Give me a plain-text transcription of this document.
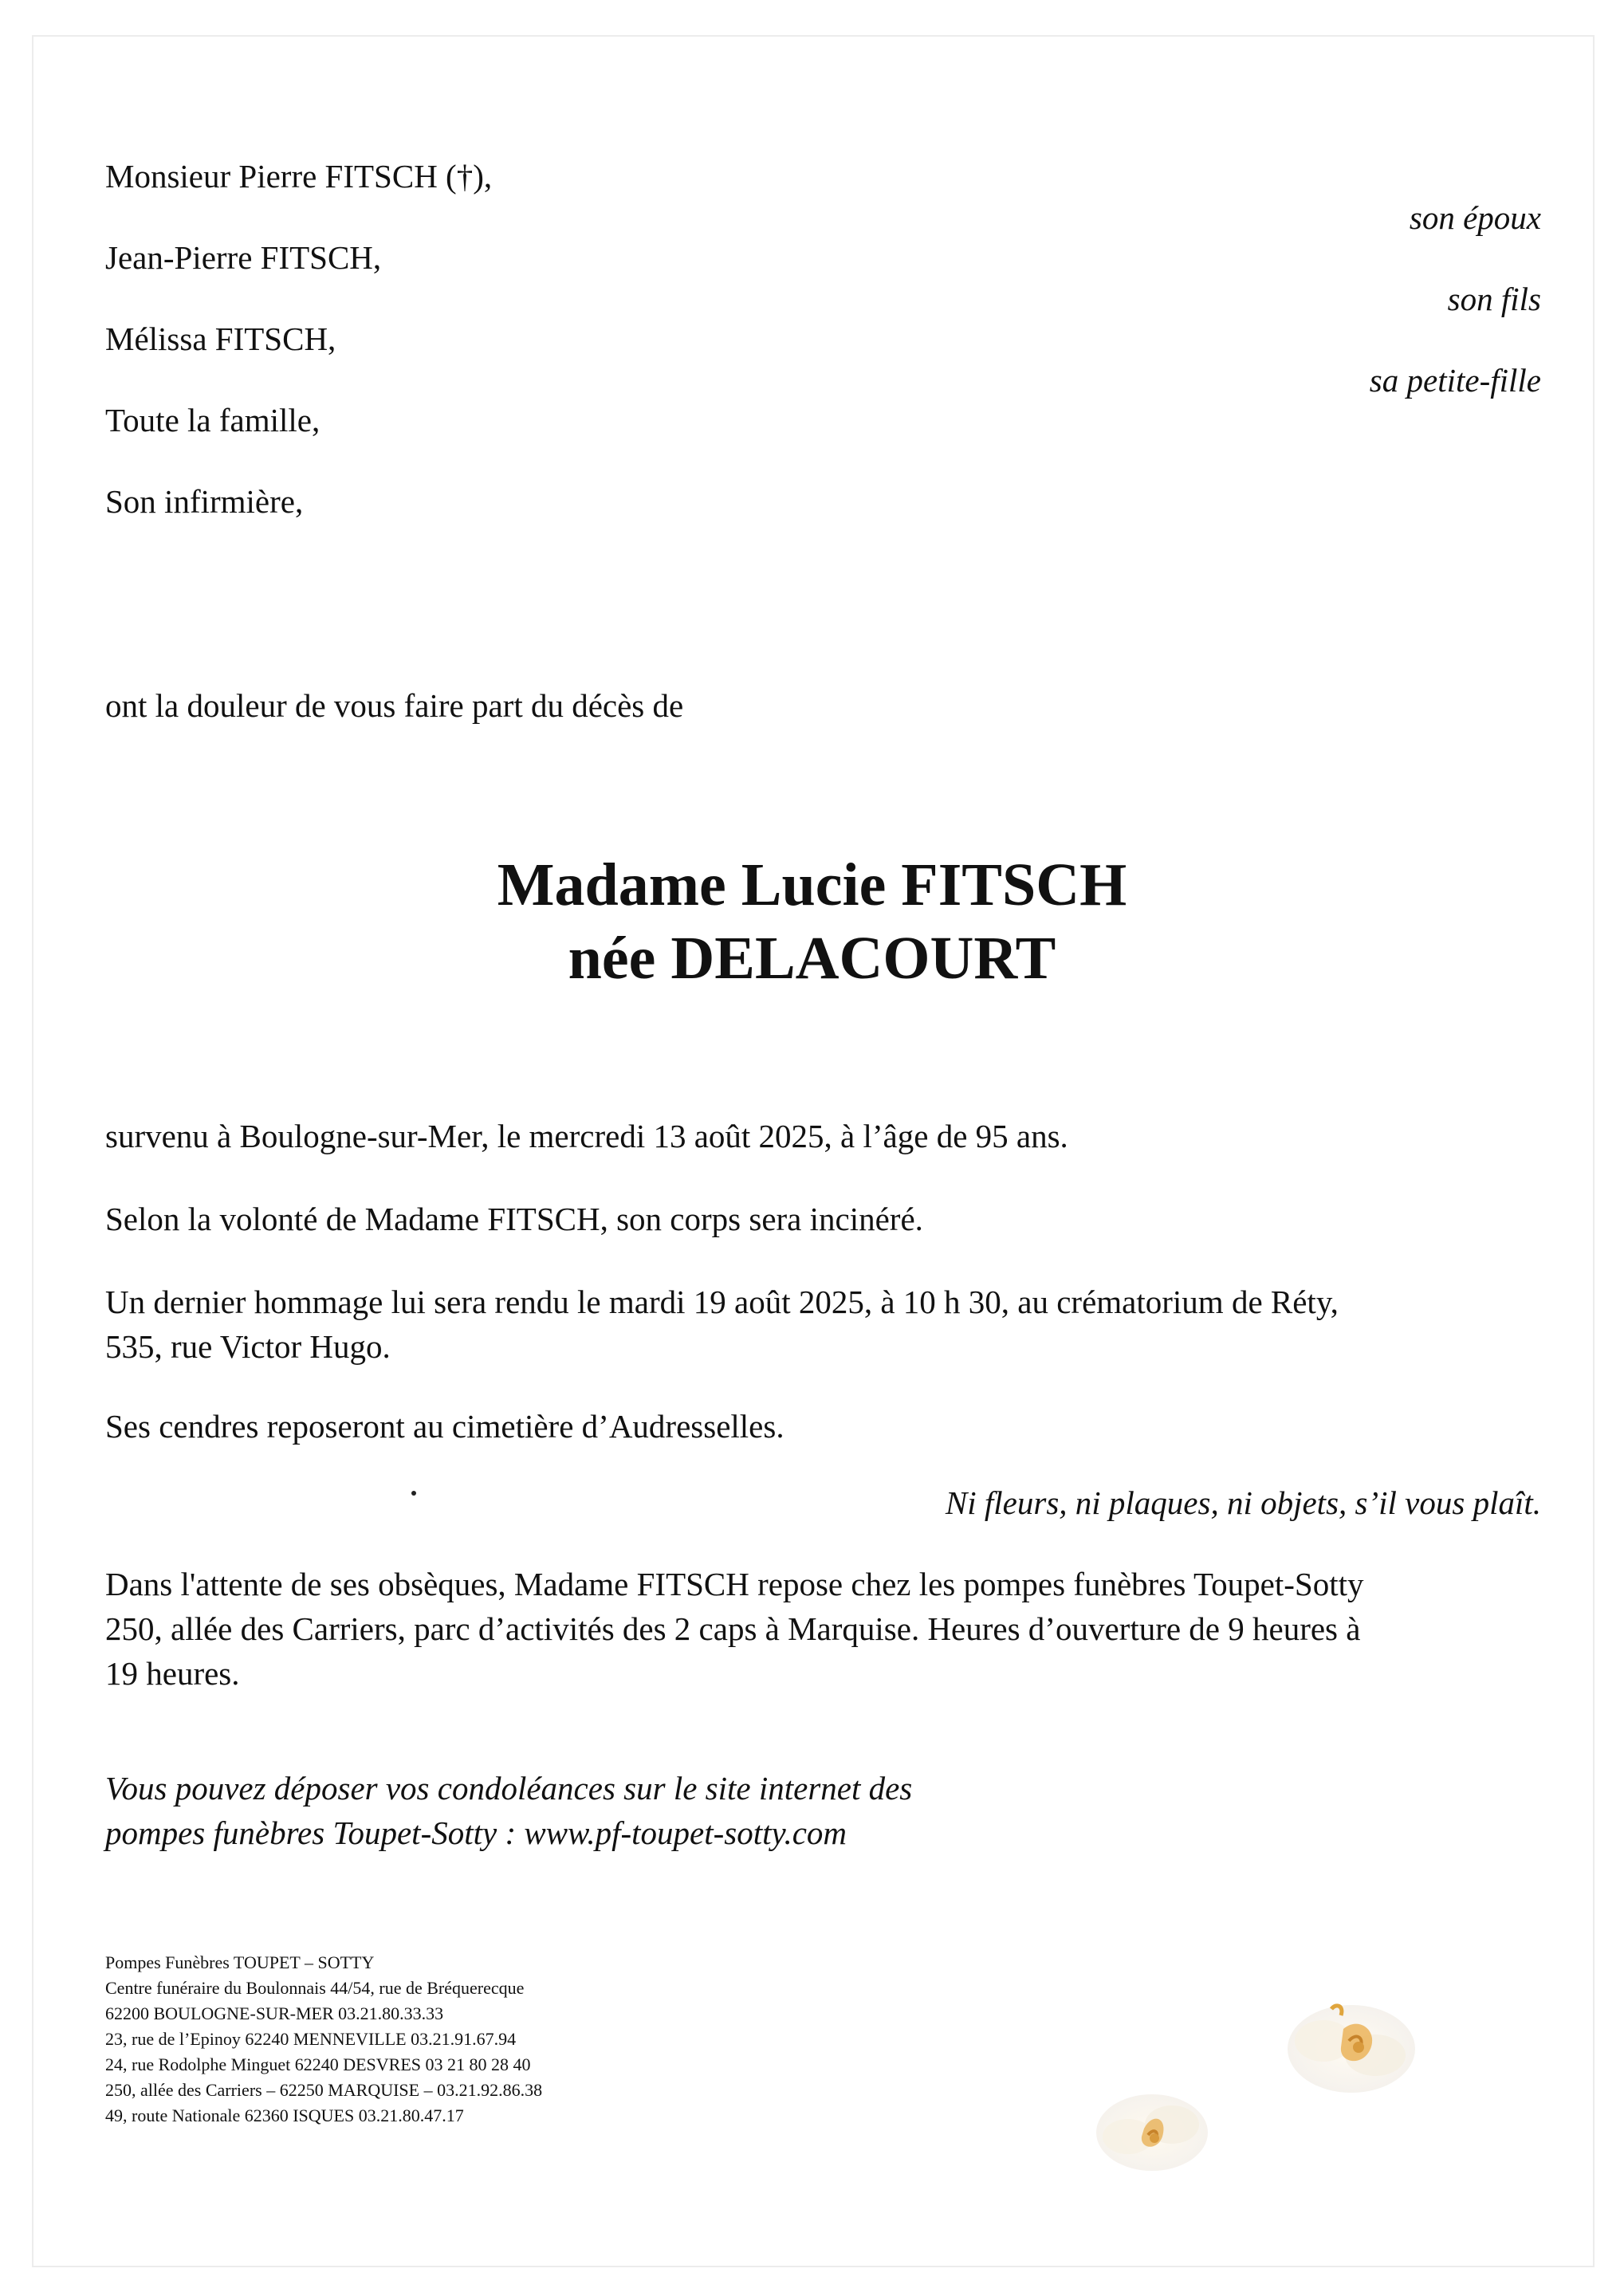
Monsieur Pierre FITSCH (†),
Jean-Pierre FITSCH,
Mélissa FITSCH,
Toute la famille,
Son infirmière,
son époux
son fils
sa petite-fille
ont la douleur de vous faire part du décès de
Madame Lucie FITSCH
née DELACOURT
survenu à Boulogne-sur-Mer, le mercredi 13 août 2025, à l’âge de 95 ans.
Selon la volonté de Madame FITSCH, son corps sera incinéré.
Un dernier hommage lui sera rendu le mardi 19 août 2025, à 10 h 30, au crématorium de Réty,
535, rue Victor Hugo.
Ses cendres reposeront au cimetière d’Audresselles.
Ni fleurs, ni plaques, ni objets, s’il vous plaît.
Dans l'attente de ses obsèques, Madame FITSCH repose chez les pompes funèbres Toupet-Sotty
250, allée des Carriers, parc d’activités des 2 caps à Marquise. Heures d’ouverture de 9 heures à
19 heures.
Vous pouvez déposer vos condoléances sur le site internet des
pompes funèbres Toupet-Sotty : www.pf-toupet-sotty.com
Pompes Funèbres TOUPET – SOTTY
Centre funéraire du Boulonnais 44/54, rue de Bréquerecque
62200 BOULOGNE-SUR-MER 03.21.80.33.33
23, rue de l’Epinoy 62240 MENNEVILLE 03.21.91.67.94
24, rue Rodolphe Minguet 62240 DESVRES 03 21 80 28 40
250, allée des Carriers – 62250 MARQUISE – 03.21.92.86.38
49, route Nationale 62360 ISQUES 03.21.80.47.17
